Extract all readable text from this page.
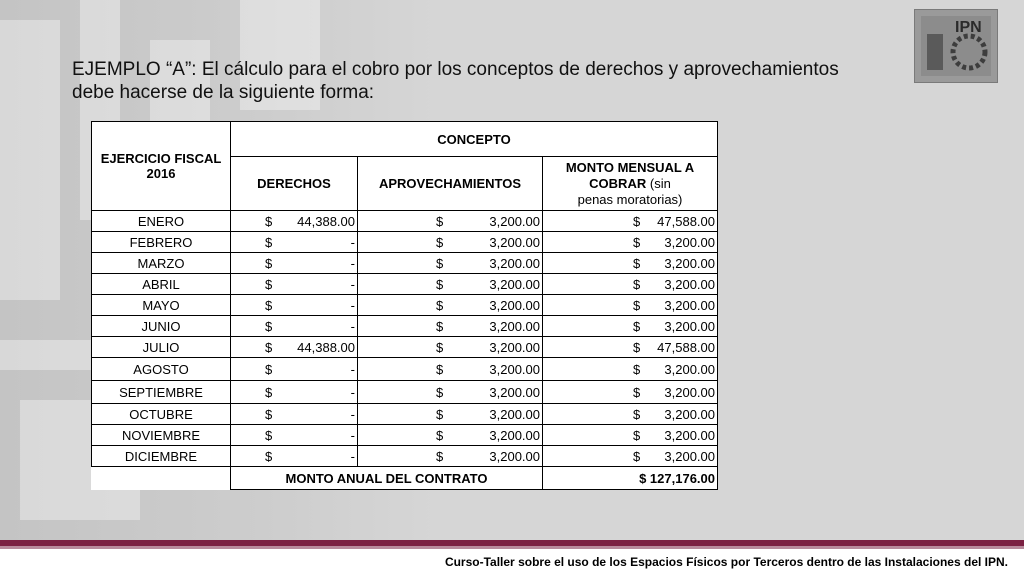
IPN
EJEMPLO “A”: El cálculo para el cobro por los conceptos de derechos y aprovechamientos
debe hacerse de la siguiente forma:
EJERCICIO FISCAL 2016	CONCEPTO		
	DERECHOS	APROVECHAMIENTOS	MONTO MENSUAL A COBRAR (sin
penas moratorias)
ENERO	$ 44,388.00	$ 3,200.00	$ 47,588.00

FEBRERO	$ -	$ 3,200.00	$ 3,200.00

MARZO	$ -	$ 3,200.00	$ 3,200.00

ABRIL	$ -	$ 3,200.00	$ 3,200.00

MAYO	$ -	$ 3,200.00	$ 3,200.00

JUNIO	$ -	$ 3,200.00	$ 3,200.00

JULIO	$ 44,388.00	$ 3,200.00	$ 47,588.00

AGOSTO	$ -	$ 3,200.00	$ 3,200.00

SEPTIEMBRE	$ -	$ 3,200.00	$ 3,200.00

OCTUBRE	$ -	$ 3,200.00	$ 3,200.00

NOVIEMBRE	$ -	$ 3,200.00	$ 3,200.00

DICIEMBRE	$ -	$ 3,200.00	$ 3,200.00

	MONTO ANUAL DEL CONTRATO		$ 127,176.00
Curso-Taller sobre el uso de los Espacios Físicos por Terceros dentro de las Instalaciones del IPN.
